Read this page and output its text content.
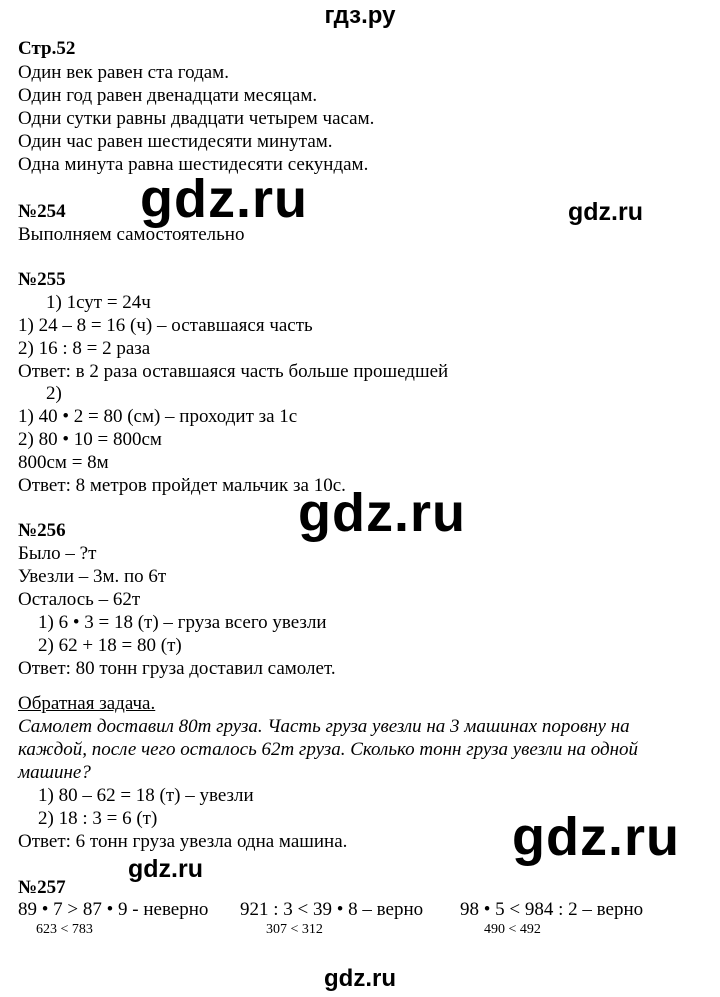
гдз.ру
Стр.52
Один век равен ста годам.
Один год равен двенадцати месяцам.
Одни сутки равны двадцати четырем часам.
Один час равен шестидесяти минутам.
Одна минута равна шестидесяти секундам.
№254
Выполняем самостоятельно
№255
1) 1сут = 24ч
1) 24 – 8 = 16 (ч) – оставшаяся часть
2) 16 : 8 = 2 раза
Ответ: в 2 раза оставшаяся часть больше прошедшей
2)
1) 40 • 2 = 80 (см) – проходит за 1с
2) 80 • 10 = 800см
800см = 8м
Ответ: 8 метров пройдет мальчик за 10с.
№256
Было – ?т
Увезли – 3м. по 6т
Осталось – 62т
1) 6 • 3 = 18 (т) – груза всего увезли
2) 62 + 18 = 80 (т)
Ответ: 80 тонн груза доставил самолет.
Обратная задача.
Самолет доставил 80т груза. Часть груза увезли на 3 машинах поровну на
каждой, после чего осталось 62т груза. Сколько тонн груза увезли на одной
машине?
1) 80 – 62 = 18 (т) – увезли
2) 18 : 3 = 6 (т)
Ответ: 6 тонн груза увезла одна машина.
№257
89 • 7 > 87 • 9 - неверно
623 < 783
921 : 3 < 39 • 8 – верно
307 < 312
98 • 5 < 984 : 2 – верно
490 < 492
gdz.ru	gdz.ru
gdz.ru
gdz.ru
gdz.ru
gdz.ru
